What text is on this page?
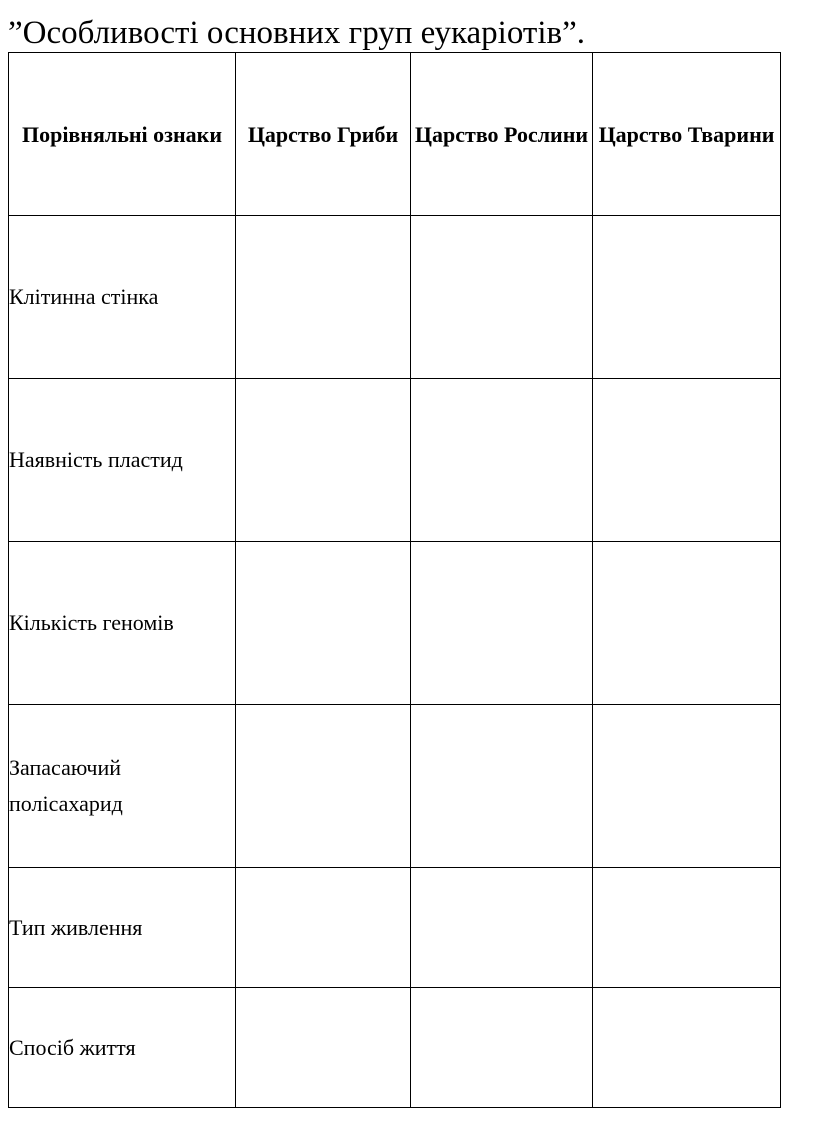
”Особливості основних груп еукаріотів”.
Порівняльні ознаки	Царство Гриби	Царство Рослини	Царство Тварини
Клітинна стінка			
Наявність пластид			
Кількість геномів			
Запасаючий полісахарид			
Тип живлення			
Спосіб життя			
